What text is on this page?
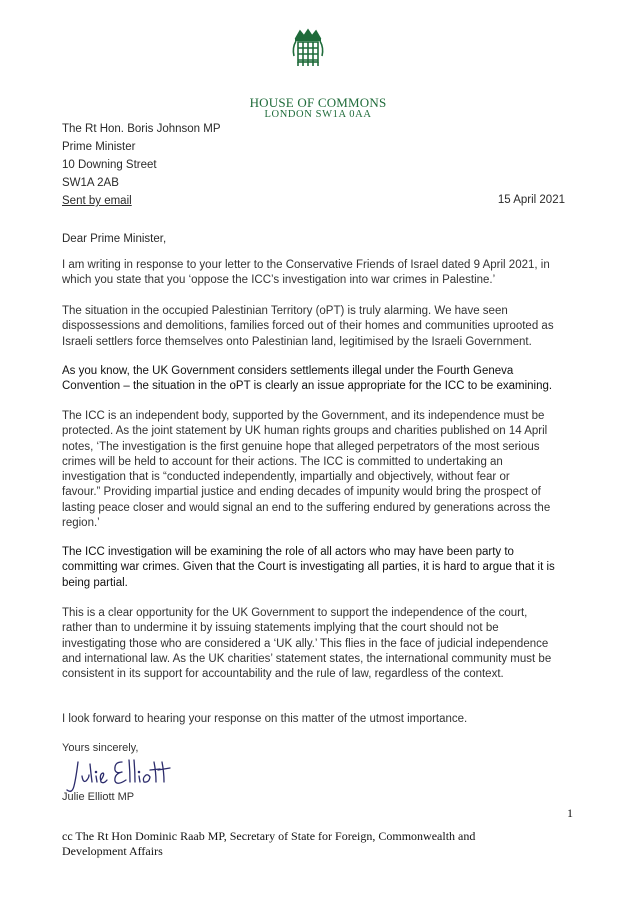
HOUSE OF COMMONS
LONDON SW1A 0AA
The Rt Hon. Boris Johnson MP
Prime Minister
10 Downing Street
SW1A 2AB
Sent by email	15 April 2021
Dear Prime Minister,

I am writing in response to your letter to the Conservative Friends of Israel dated 9 April 2021, in
which you state that you ‘oppose the ICC’s investigation into war crimes in Palestine.’

The situation in the occupied Palestinian Territory (oPT) is truly alarming. We have seen
dispossessions and demolitions, families forced out of their homes and communities uprooted as
Israeli settlers force themselves onto Palestinian land, legitimised by the Israeli Government.

As you know, the UK Government considers settlements illegal under the Fourth Geneva
Convention – the situation in the oPT is clearly an issue appropriate for the ICC to be examining.

The ICC is an independent body, supported by the Government, and its independence must be
protected. As the joint statement by UK human rights groups and charities published on 14 April
notes, ‘The investigation is the first genuine hope that alleged perpetrators of the most serious
crimes will be held to account for their actions. The ICC is committed to undertaking an
investigation that is “conducted independently, impartially and objectively, without fear or
favour.” Providing impartial justice and ending decades of impunity would bring the prospect of
lasting peace closer and would signal an end to the suffering endured by generations across the
region.’

The ICC investigation will be examining the role of all actors who may have been party to
committing war crimes. Given that the Court is investigating all parties, it is hard to argue that it is
being partial.

This is a clear opportunity for the UK Government to support the independence of the court,
rather than to undermine it by issuing statements implying that the court should not be
investigating those who are considered a ‘UK ally.’ This flies in the face of judicial independence
and international law. As the UK charities’ statement states, the international community must be
consistent in its support for accountability and the rule of law, regardless of the context.

I look forward to hearing your response on this matter of the utmost importance.

Yours sincerely,
Julie Elliott MP
1
cc The Rt Hon Dominic Raab MP, Secretary of State for Foreign, Commonwealth and
Development Affairs
